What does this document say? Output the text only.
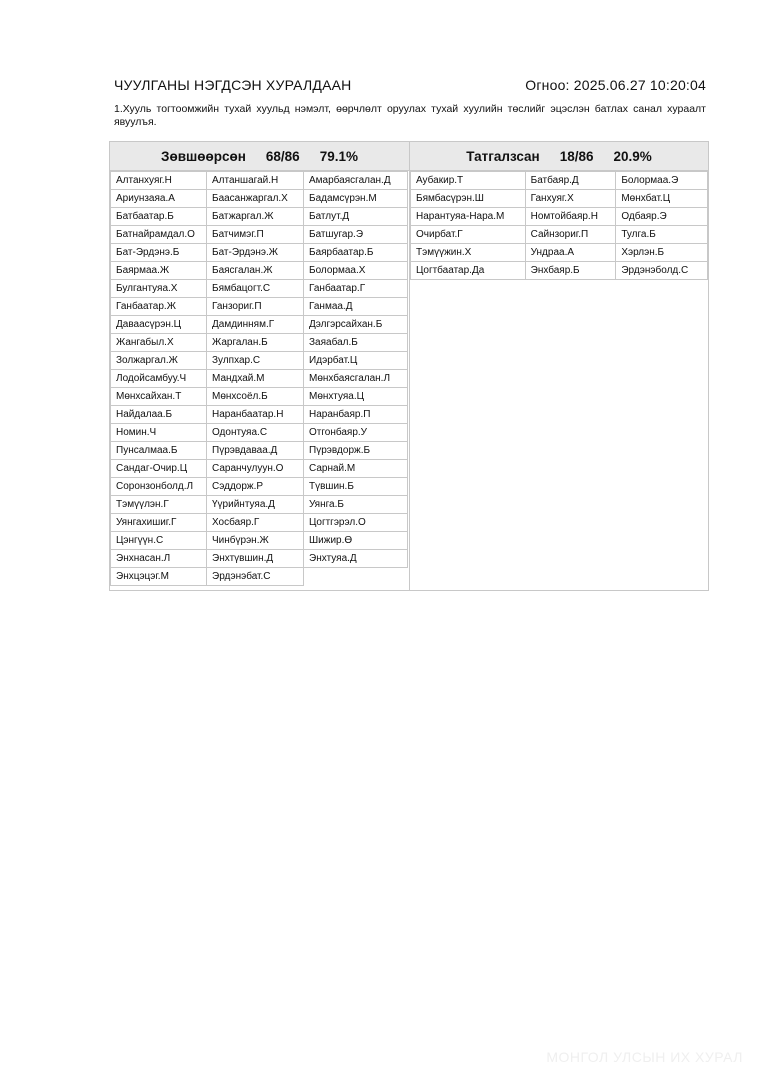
ЧУУЛГАНЫ НЭГДСЭН ХУРАЛДААН	Огноо: 2025.06.27 10:20:04
1.Хууль тогтоомжийн тухай хуульд нэмэлт, өөрчлөлт оруулах тухай хуулийн төслийг эцэслэн батлах санал хураалт явуулъя.
Зөвшөөрсөн 68/86 79.1%
Алтанхуяг.Н	Алтаншагай.Н	Амарбаясгалан.Д
Ариунзаяа.А	Баасанжаргал.Х	Бадамсүрэн.М
Батбаатар.Б	Батжаргал.Ж	Батлут.Д
Батнайрамдал.О	Батчимэг.П	Батшугар.Э
Бат-Эрдэнэ.Б	Бат-Эрдэнэ.Ж	Баярбаатар.Б
Баярмаа.Ж	Баясгалан.Ж	Болормаа.Х
Булгантуяа.Х	Бямбацогт.С	Ганбаатар.Г
Ганбаатар.Ж	Ганзориг.П	Ганмаа.Д
Даваасүрэн.Ц	Дамдинням.Г	Дэлгэрсайхан.Б
Жангабыл.Х	Жаргалан.Б	Заяабал.Б
Золжаргал.Ж	Зулпхар.С	Идэрбат.Ц
Лодойсамбуу.Ч	Мандхай.М	Мөнхбаясгалан.Л
Мөнхсайхан.Т	Мөнхсоёл.Б	Мөнхтуяа.Ц
Найдалаа.Б	Наранбаатар.Н	Наранбаяр.П
Номин.Ч	Одонтуяа.С	Отгонбаяр.У
Пунсалмаа.Б	Пүрэвдаваа.Д	Пүрэвдорж.Б
Сандаг-Очир.Ц	Саранчулуун.О	Сарнай.М
Соронзонболд.Л	Сэддорж.Р	Түвшин.Б
Тэмүүлэн.Г	Үүрийнтуяа.Д	Уянга.Б
Уянгахишиг.Г	Хосбаяр.Г	Цогтгэрэл.О
Цэнгүүн.С	Чинбүрэн.Ж	Шижир.Ө
Энхнасан.Л	Энхтүвшин.Д	Энхтуяа.Д
Энхцэцэг.М	Эрдэнэбат.С	
Татгалзсан 18/86 20.9%
Аубакир.Т	Батбаяр.Д	Болормаа.Э
Бямбасүрэн.Ш	Ганхуяг.Х	Мөнхбат.Ц
Нарантуяа-Нара.М	Номтойбаяр.Н	Одбаяр.Э
Очирбат.Г	Сайнзориг.П	Тулга.Б
Тэмүүжин.Х	Ундраа.А	Хэрлэн.Б
Цогтбаатар.Да	Энхбаяр.Б	Эрдэнэболд.С
МОНГОЛ УЛСЫН ИХ ХУРАЛ
